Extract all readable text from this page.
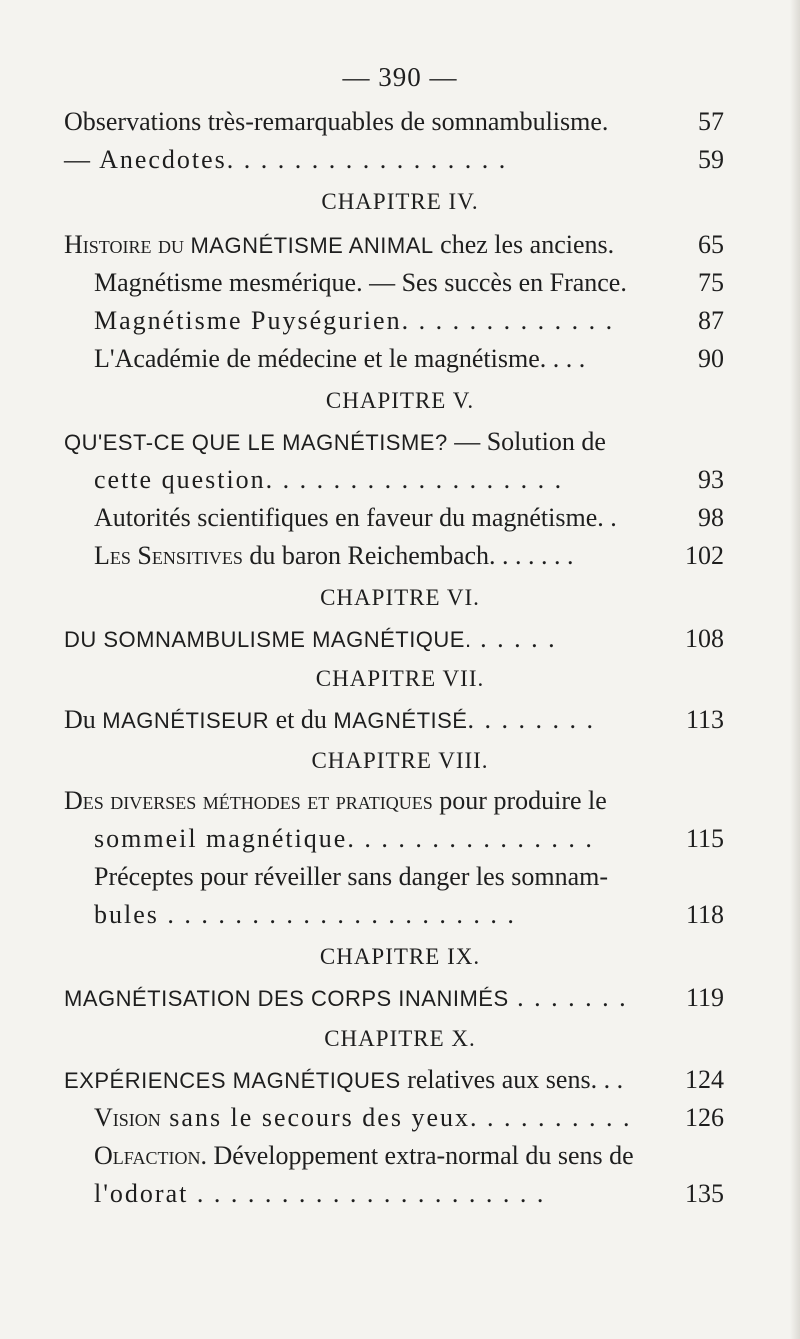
— 390 —
Observations très-remarquables de somnambulisme.	57
— Anecdotes. . . . . . . . . . . . . . . . .	59
CHAPITRE IV.
Histoire du MAGNÉTISME ANIMAL chez les anciens.	65
Magnétisme mesmérique. — Ses succès en France.	75
Magnétisme Puységurien. . . . . . . . . . . . .	87
L'Académie de médecine et le magnétisme. . . .	90
CHAPITRE V.
QU'EST-CE QUE LE MAGNÉTISME? — Solution de
cette question. . . . . . . . . . . . . . . . . .	93
Autorités scientifiques en faveur du magnétisme. .	98
Les Sensitives du baron Reichembach. . . . . . .	102
CHAPITRE VI.
DU SOMNAMBULISME MAGNÉTIQUE. . . . . .	108
CHAPITRE VII.
Du MAGNÉTISEUR et du MAGNÉTISÉ. . . . . . . .	113
CHAPITRE VIII.
Des diverses méthodes et pratiques pour produire le
sommeil magnétique. . . . . . . . . . . . . . .	115
Préceptes pour réveiller sans danger les somnam-
bules . . . . . . . . . . . . . . . . . . . . .	118
CHAPITRE IX.
MAGNÉTISATION DES CORPS INANIMÉS . . . . . . . 119
CHAPITRE X.
EXPÉRIENCES MAGNÉTIQUES relatives aux sens. . . 124
Vision sans le secours des yeux. . . . . . . . . . 126
Olfaction. Développement extra-normal du sens de
l'odorat . . . . . . . . . . . . . . . . . . . . .	135
